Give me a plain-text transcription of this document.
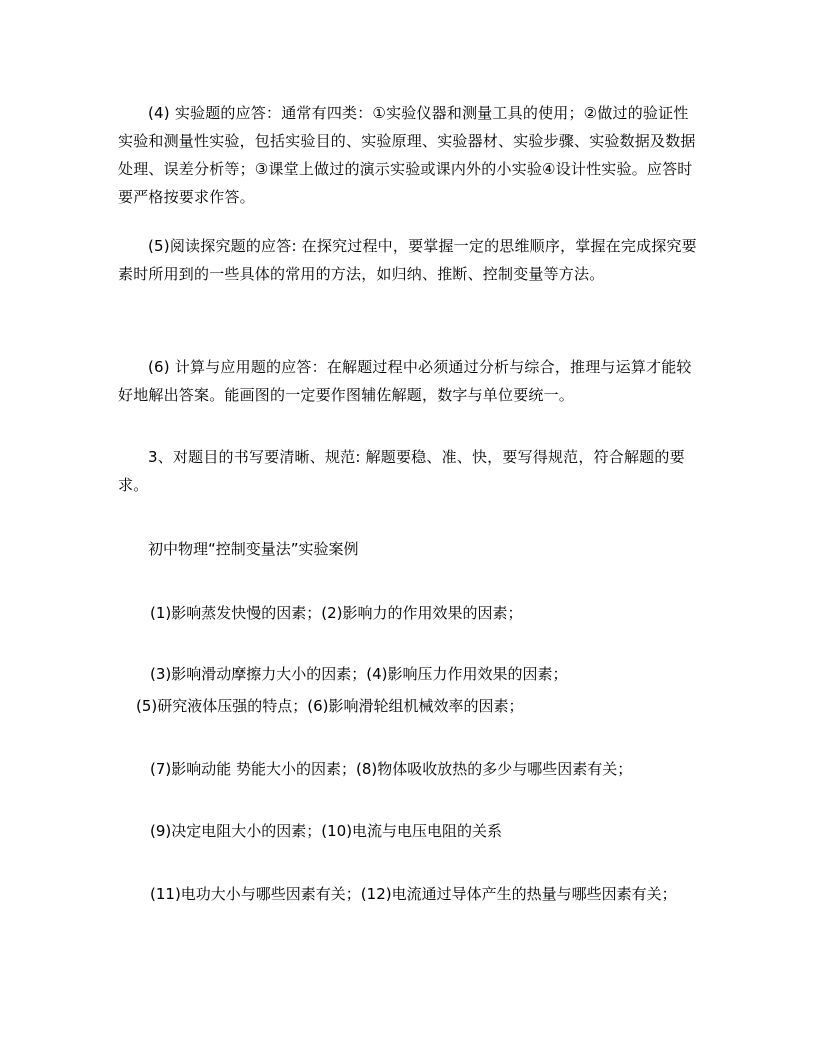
(4) 实验题的应答：通常有四类：①实验仪器和测量工具的使用；②做过的验证性实验和测量性实验，包括实验目的、实验原理、实验器材、实验步骤、实验数据及数据处理、误差分析等；③课堂上做过的演示实验或课内外的小实验④设计性实验。应答时要严格按要求作答。

(5)阅读探究题的应答: 在探究过程中，要掌握一定的思维顺序，掌握在完成探究要素时所用到的一些具体的常用的方法，如归纳、推断、控制变量等方法。

(6) 计算与应用题的应答：在解题过程中必须通过分析与综合，推理与运算才能较好地解出答案。能画图的一定要作图辅佐解题，数字与单位要统一。

3、对题目的书写要清晰、规范: 解题要稳、准、快，要写得规范，符合解题的要求。

初中物理“控制变量法”实验案例

(1)影响蒸发快慢的因素；(2)影响力的作用效果的因素；

(3)影响滑动摩擦力大小的因素；(4)影响压力作用效果的因素；

(5)研究液体压强的特点；(6)影响滑轮组机械效率的因素；

(7)影响动能 势能大小的因素；(8)物体吸收放热的多少与哪些因素有关；

(9)决定电阻大小的因素；(10)电流与电压电阻的关系

(11)电功大小与哪些因素有关；(12)电流通过导体产生的热量与哪些因素有关；
